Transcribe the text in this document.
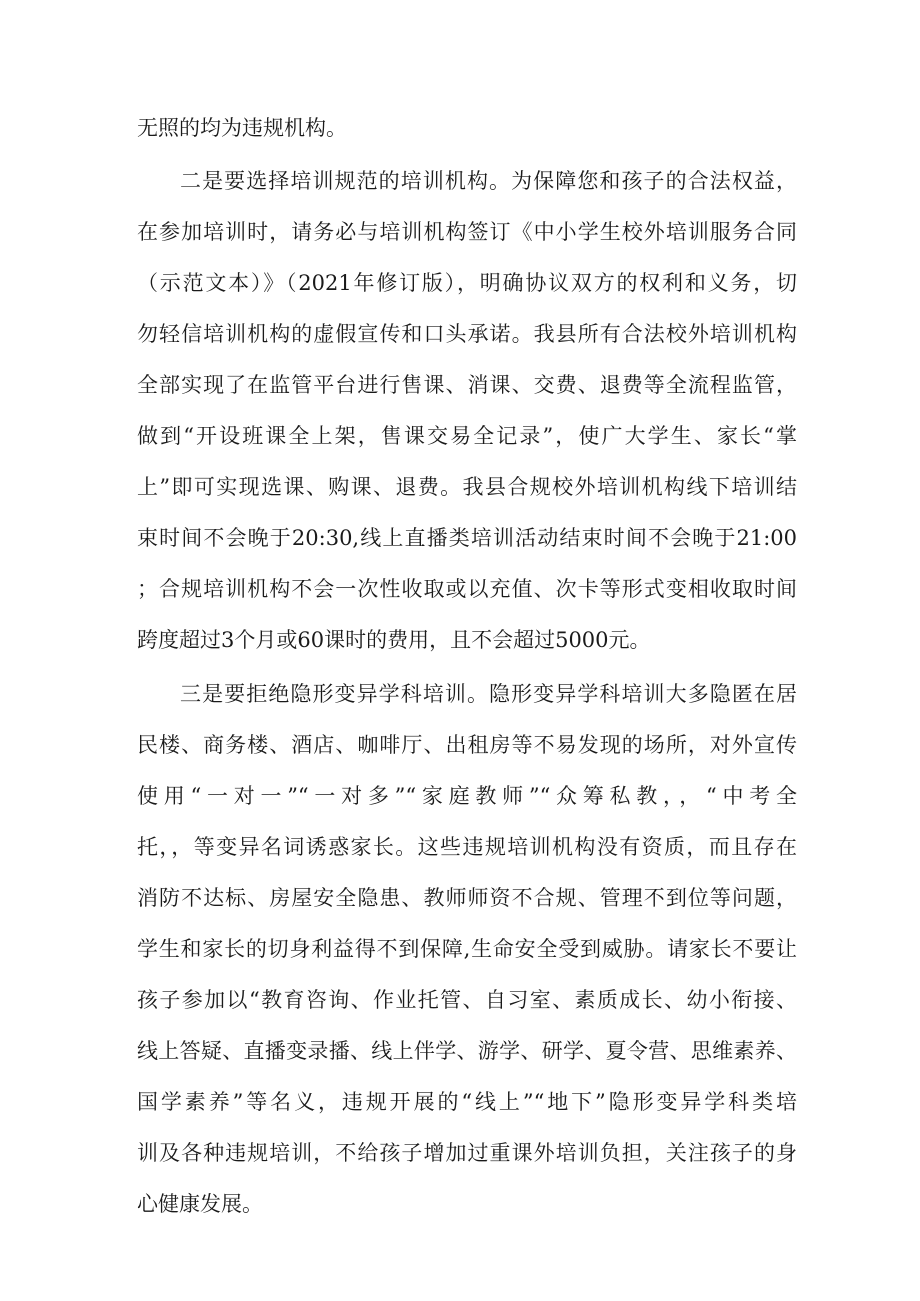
无照的均为违规机构。

二是要选择培训规范的培训机构。为保障您和孩子的合法权益，

在参加培训时，请务必与培训机构签订《中小学生校外培训服务合同

（示范文本）》（2021年修订版），明确协议双方的权利和义务，切

勿轻信培训机构的虚假宣传和口头承诺。我县所有合法校外培训机构

全部实现了在监管平台进行售课、消课、交费、退费等全流程监管，

做到“开设班课全上架，售课交易全记录”，使广大学生、家长“掌

上”即可实现选课、购课、退费。我县合规校外培训机构线下培训结

束时间不会晚于20:30,线上直播类培训活动结束时间不会晚于21:00

；合规培训机构不会一次性收取或以充值、次卡等形式变相收取时间

跨度超过3个月或60课时的费用，且不会超过5000元。

三是要拒绝隐形变异学科培训。隐形变异学科培训大多隐匿在居

民楼、商务楼、酒店、咖啡厅、出租房等不易发现的场所，对外宣传

使用“一对一”“一对多”“家庭教师”“众筹私教，，“中考全

托，，等变异名词诱惑家长。这些违规培训机构没有资质，而且存在

消防不达标、房屋安全隐患、教师师资不合规、管理不到位等问题，

学生和家长的切身利益得不到保障,生命安全受到威胁。请家长不要让

孩子参加以“教育咨询、作业托管、自习室、素质成长、幼小衔接、

线上答疑、直播变录播、线上伴学、游学、研学、夏令营、思维素养、

国学素养”等名义，违规开展的“线上”“地下”隐形变异学科类培

训及各种违规培训，不给孩子增加过重课外培训负担，关注孩子的身

心健康发展。
